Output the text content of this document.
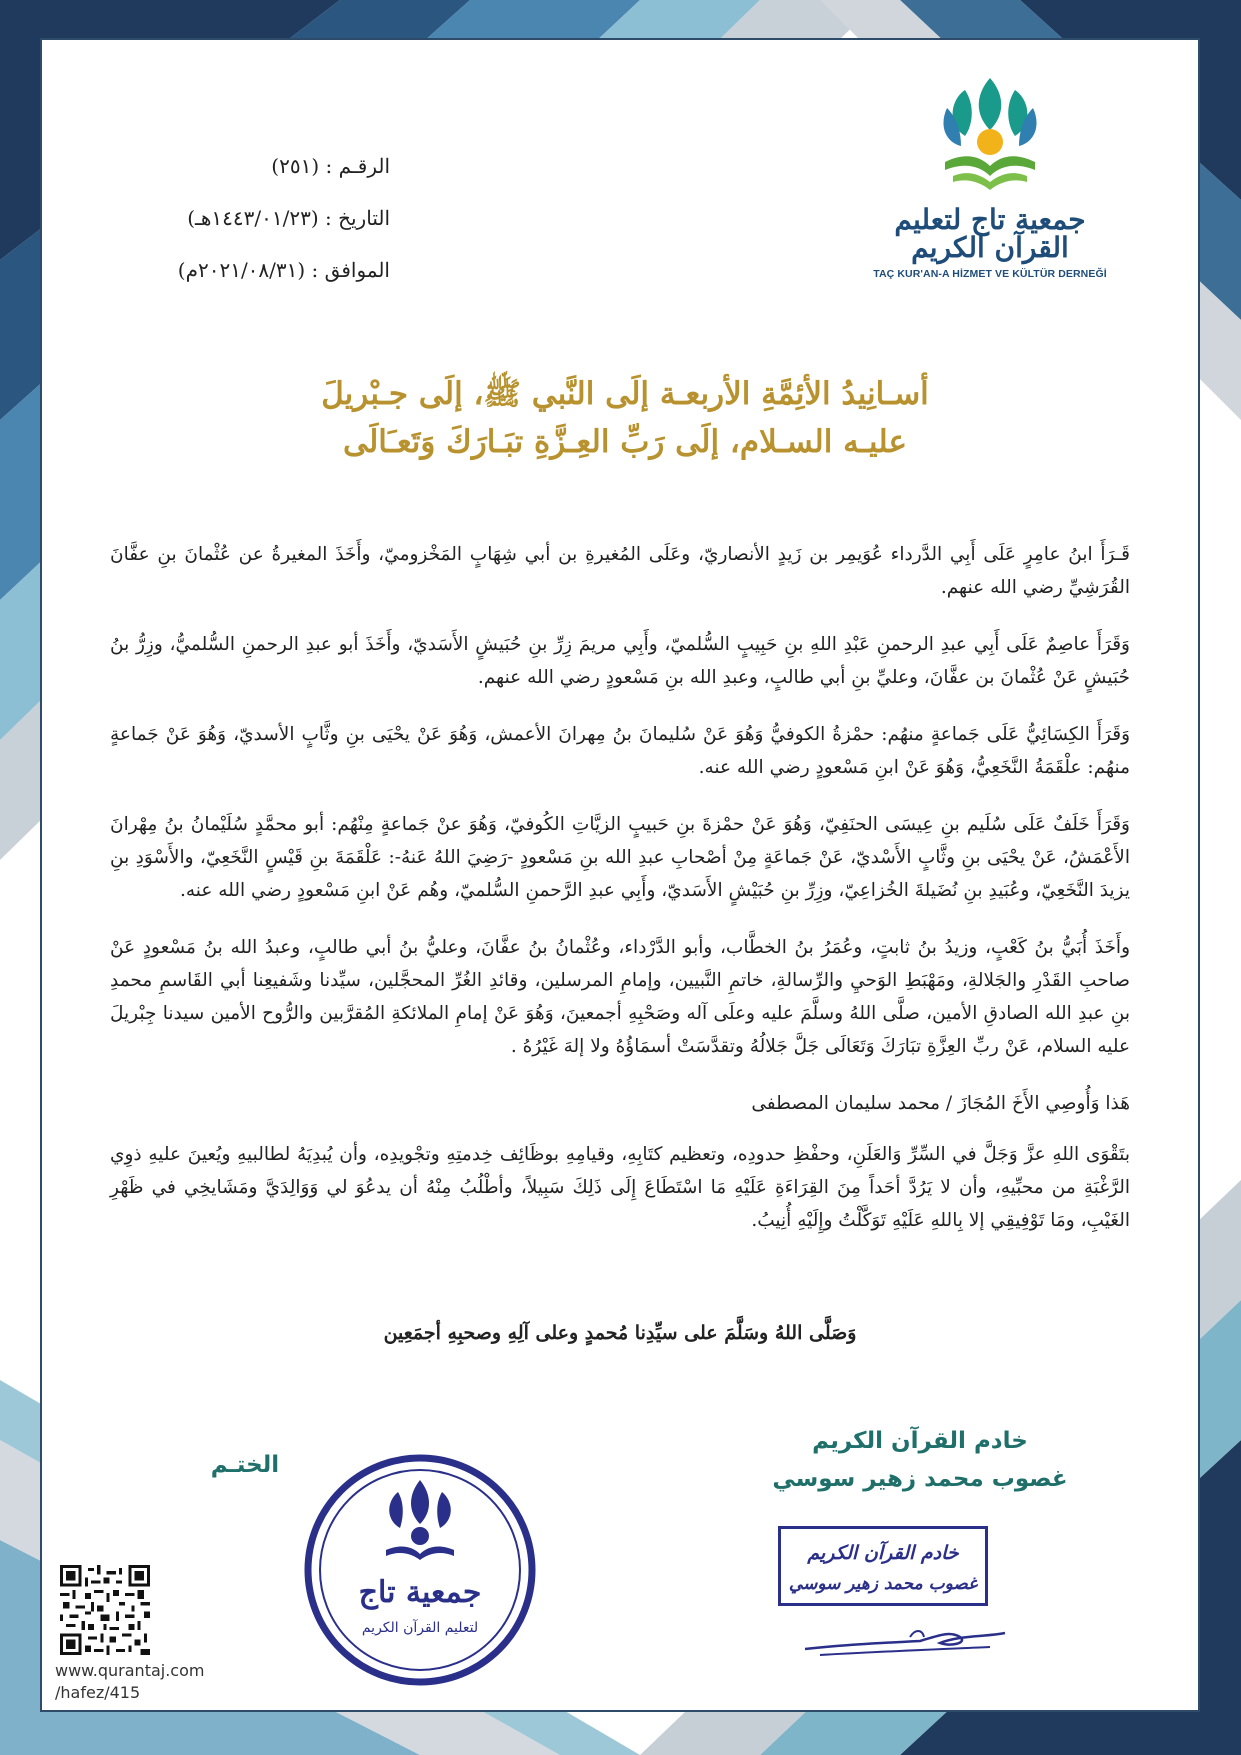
جمعية تاج لتعليم القرآن الكريم
TAÇ KUR'AN-A HİZMET VE KÜLTÜR DERNEĞİ
الرقـم : (٢٥١)
التاريخ : (١٤٤٣/٠١/٢٣هـ)
الموافق : (٢٠٢١/٠٨/٣١م)
أسـانِيدُ الأئِمَّةِ الأربعـة إلَى النَّبي ﷺ، إلَى جـبْريلَ
عليـه السـلام، إلَى رَبِّ العِـزَّةِ تبَـارَكَ وَتَعـَالَى

قَـرَأَ ابنُ عامِرٍ عَلَى أَبِي الدَّرداء عُوَيمِر بن زَيدٍ الأنصاريّ، وعَلَى المُغيرةِ بن أبي شِهَابٍ المَخْزوميّ، وأَخَذَ المغيرةُ عن عُثْمانَ بنِ عفَّانَ القُرَشِيِّ رضي الله عنهم.

وَقَرَأَ عاصِمٌ عَلَى أَبِي عبدِ الرحمنِ عَبْدِ اللهِ بنِ حَبِيبٍ السُّلميّ، وأَبِي مريمَ زِرِّ بنِ حُبَيشٍ الأَسَديّ، وأَخَذَ أبو عبدِ الرحمنِ السُّلميُّ، وزِرُّ بنُ حُبَيشٍ عَنْ عُثْمانَ بن عفَّانَ، وعليِّ بنِ أبي طالبٍ، وعبدِ الله بنِ مَسْعودٍ رضي الله عنهم.

وَقَرَأَ الكِسَائِيُّ عَلَى جَماعةٍ منهُم: حمْزةُ الكوفيُّ وَهُوَ عَنْ سُليمانَ بنُ مِهرانَ الأعمش، وَهُوَ عَنْ يحْيَى بنِ وثَّابٍ الأسديّ، وَهُوَ عَنْ جَماعةٍ منهُم: علْقَمَةُ النَّخَعِيُّ، وَهُوَ عَنْ ابنِ مَسْعودٍ رضي الله عنه.

وَقَرَأَ خَلَفٌ عَلَى سُلَيم بنِ عِيسَى الحنَفِيّ، وَهُوَ عَنْ حمْزةَ بنِ حَبيبٍ الزيَّاتِ الكُوفيّ، وَهُوَ عنْ جَماعةٍ مِنْهُم: أبو محمَّدٍ سُلَيْمانُ بنُ مِهْرانَ الأَعْمَشُ، عَنْ يحْيَى بنِ وثَّابٍ الأَسْديّ، عَنْ جَماعَةٍ مِنْ أصْحابِ عبدِ الله بنِ مَسْعودٍ -رَضِيَ اللهُ عَنهُ-: عَلْقَمَةَ بنِ قَيْسٍ النَّخَعِيّ، والأَسْوَدِ بنِ يزيدَ النَّخَعِيّ، وعُبَيدِ بنِ نُضَيلةَ الخُزاعِيّ، وزِرِّ بنِ حُبَيْشٍ الأَسَديّ، وأَبِي عبدِ الرَّحمنِ السُّلميّ، وهُم عَنْ ابنِ مَسْعودٍ رضي الله عنه.

وأَخَذَ أُبَيُّ بنُ كَعْبٍ، وزيدُ بنُ ثابتٍ، وعُمَرُ بنُ الخطَّاب، وأبو الدَّرْداء، وعُثْمانُ بنُ عفَّانَ، وعليُّ بنُ أبي طالبٍ، وعبدُ الله بنُ مَسْعودٍ عَنْ صاحبِ القَدْرِ والجَلالةِ، ومَهْبَطِ الوَحيِ والرِّسالةِ، خاتمِ النَّبيين، وإمامِ المرسلين، وقائدِ الغُرِّ المحجَّلين، سيِّدنا وشَفيعِنا أبي القَاسمِ محمدِ بنِ عبدِ الله الصادقِ الأمين، صلَّى اللهُ وسلَّمَ عليه وعلَى آله وصَحْبِهِ أجمعينَ، وَهُوَ عَنْ إمامِ الملائكةِ المُقرَّبين والرُّوح الأمين سيدنا جِبْريلَ عليه السلام، عَنْ ربِّ العِزَّةِ تبَارَكَ وَتَعَالَى جَلَّ جَلالُهُ وتقدَّسَتْ أسمَاؤُهُ ولا إلهَ غَيْرُهُ .

هَذا وَأُوصِي الأَخَ المُجَازَ / محمد سليمان المصطفى

بتَقْوَى اللهِ عزَّ وَجَلَّ في السِّرِّ وَالعَلَنِ، وحفْظِ حدودِه، وتعظيم كتَابِهِ، وقيامِهِ بوظَائِف خِدمتِهِ وتجْويدِه، وأن يُبدِيَهُ لطالبيهِ ويُعينَ عليهِ ذوِي الرَّغْبَةِ من محبِّيهِ، وأن لا يَرُدَّ أحَداً مِنَ القِرَاءَةِ عَلَيْهِ مَا اسْتَطَاعَ إِلَى ذَلِكَ سَبِيلاً، وأطْلُبُ مِنْهُ أن يدعُوَ لي وَوَالِدَيَّ ومَشَايخِي في ظَهْرِ الغَيْبِ، ومَا تَوْفِيقِي إلا بِاللهِ عَلَيْهِ تَوَكَّلْتُ وإِلَيْهِ أُنِيبُ.

وَصَلَّى اللهُ وسَلَّمَ على سيِّدِنا مُحمدٍ وعلى آلِهِ وصحبِهِ أجمَعِين
خادم القرآن الكريم
غصوب محمد زهير سوسي
الختـم
جمعية تاج
لتعليم القرآن الكريم
خادم القرآن الكريم
غصوب محمد زهير سوسي
www.qurantaj.com
/hafez/415
